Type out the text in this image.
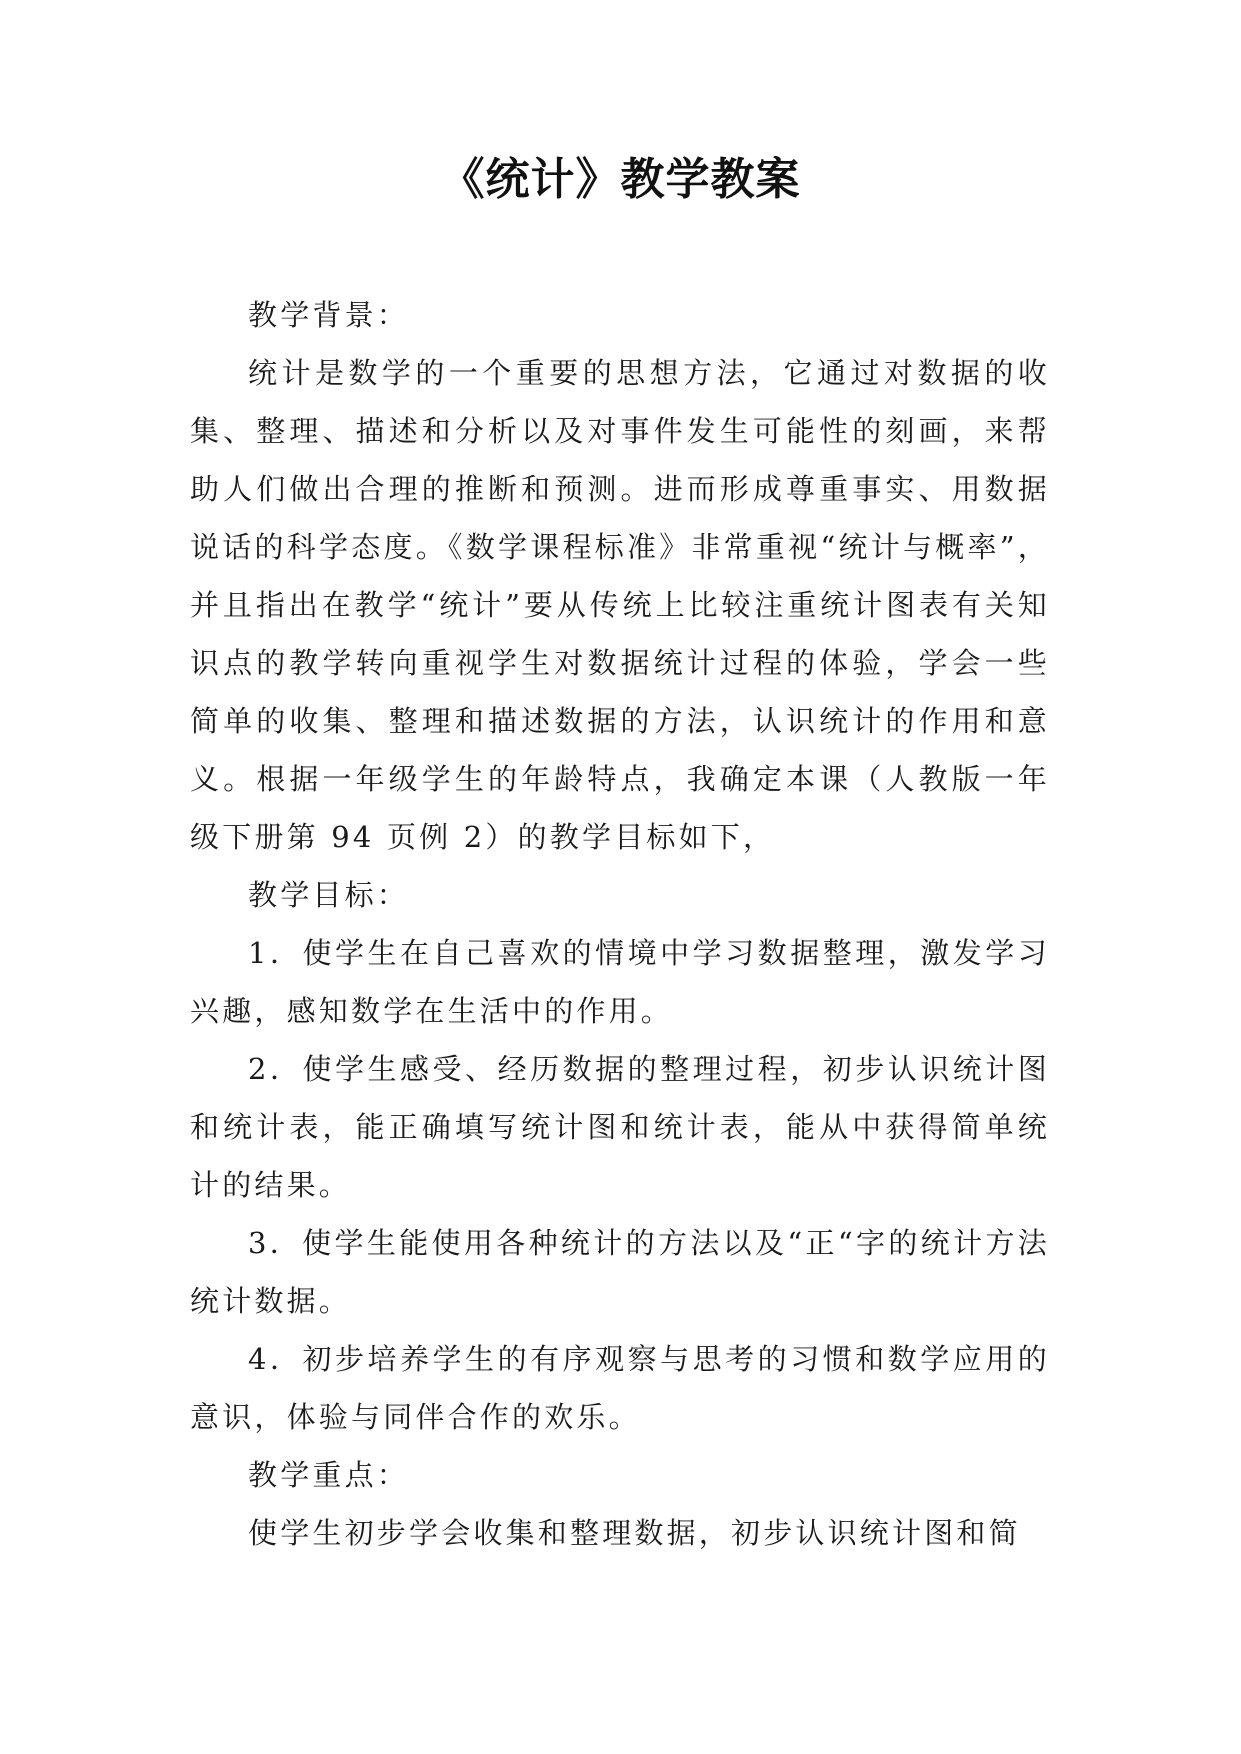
《统计》教学教案

教学背景：

统计是数学的一个重要的思想方法，它通过对数据的收集、整理、描述和分析以及对事件发生可能性的刻画，来帮助人们做出合理的推断和预测。进而形成尊重事实、用数据说话的科学态度。《数学课程标准》非常重视“统计与概率”，并且指出在教学“统计”要从传统上比较注重统计图表有关知识点的教学转向重视学生对数据统计过程的体验，学会一些简单的收集、整理和描述数据的方法，认识统计的作用和意义。根据一年级学生的年龄特点，我确定本课（人教版一年级下册第 94 页例 2）的教学目标如下，

教学目标：

1．使学生在自己喜欢的情境中学习数据整理，激发学习兴趣，感知数学在生活中的作用。

2．使学生感受、经历数据的整理过程，初步认识统计图和统计表，能正确填写统计图和统计表，能从中获得简单统计的结果。

3．使学生能使用各种统计的方法以及“正“字的统计方法统计数据。

4．初步培养学生的有序观察与思考的习惯和数学应用的意识，体验与同伴合作的欢乐。

教学重点：

使学生初步学会收集和整理数据，初步认识统计图和简
